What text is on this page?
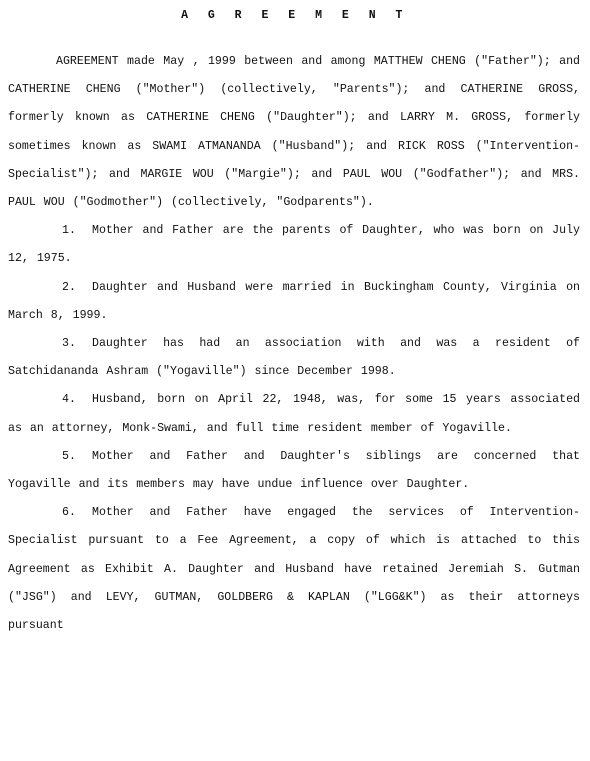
A G R E E M E N T

AGREEMENT made May , 1999 between and among MATTHEW CHENG ("Father"); and CATHERINE CHENG ("Mother") (collectively, "Parents"); and CATHERINE GROSS, formerly known as CATHERINE CHENG ("Daughter"); and LARRY M. GROSS, formerly sometimes known as SWAMI ATMANANDA ("Husband"); and RICK ROSS ("Intervention-Specialist"); and MARGIE WOU ("Margie"); and PAUL WOU ("Godfather"); and MRS. PAUL WOU ("Godmother") (collectively, "Godparents").

1. Mother and Father are the parents of Daughter, who was born on July 12, 1975.

2. Daughter and Husband were married in Buckingham County, Virginia on March 8, 1999.

3. Daughter has had an association with and was a resident of Satchidananda Ashram ("Yogaville") since December 1998.

4. Husband, born on April 22, 1948, was, for some 15 years associated as an attorney, Monk-Swami, and full time resident member of Yogaville.

5. Mother and Father and Daughter's siblings are concerned that Yogaville and its members may have undue influence over Daughter.

6. Mother and Father have engaged the services of Intervention-Specialist pursuant to a Fee Agreement, a copy of which is attached to this Agreement as Exhibit A. Daughter and Husband have retained Jeremiah S. Gutman ("JSG") and LEVY, GUTMAN, GOLDBERG & KAPLAN ("LGG&K") as their attorneys pursuant
